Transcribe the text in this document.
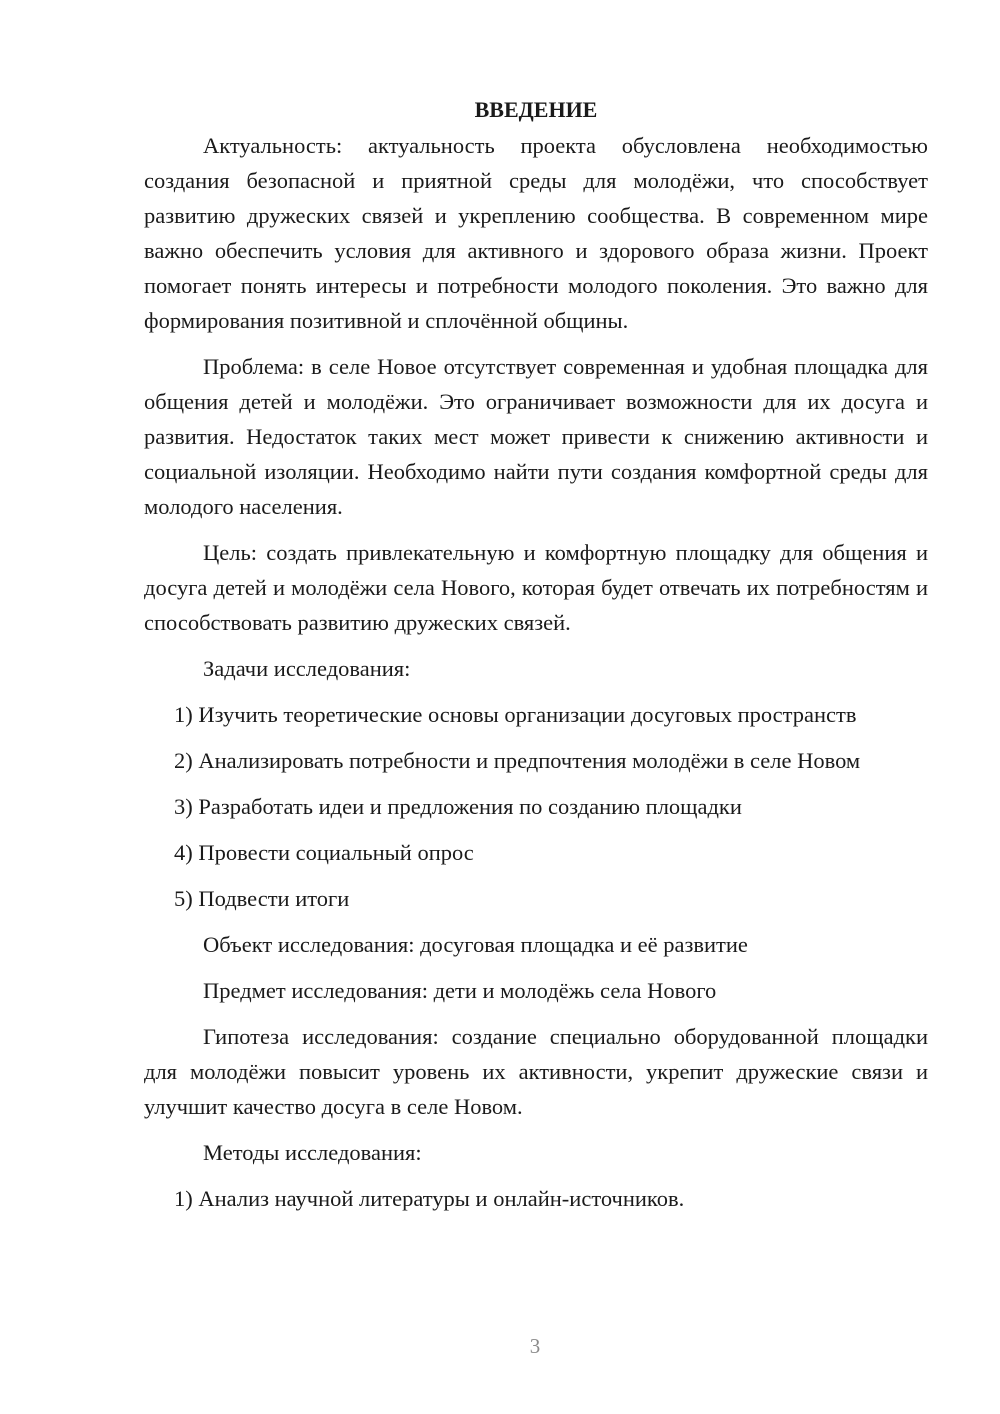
ВВЕДЕНИЕ
Актуальность: актуальность проекта обусловлена необходимостью создания безопасной и приятной среды для молодёжи, что способствует развитию дружеских связей и укреплению сообщества. В современном мире важно обеспечить условия для активного и здорового образа жизни. Проект помогает понять интересы и потребности молодого поколения. Это важно для формирования позитивной и сплочённой общины.
Проблема: в селе Новое отсутствует современная и удобная площадка для общения детей и молодёжи. Это ограничивает возможности для их досуга и развития. Недостаток таких мест может привести к снижению активности и социальной изоляции. Необходимо найти пути создания комфортной среды для молодого населения.
Цель: создать привлекательную и комфортную площадку для общения и досуга детей и молодёжи села Нового, которая будет отвечать их потребностям и способствовать развитию дружеских связей.
Задачи исследования:
1) Изучить теоретические основы организации досуговых пространств
2) Анализировать потребности и предпочтения молодёжи в селе Новом
3) Разработать идеи и предложения по созданию площадки
4) Провести социальный опрос
5) Подвести итоги
Объект исследования: досуговая площадка и её развитие
Предмет исследования: дети и молодёжь села Нового
Гипотеза исследования: создание специально оборудованной площадки для молодёжи повысит уровень их активности, укрепит дружеские связи и улучшит качество досуга в селе Новом.
Методы исследования:
1) Анализ научной литературы и онлайн-источников.
3
